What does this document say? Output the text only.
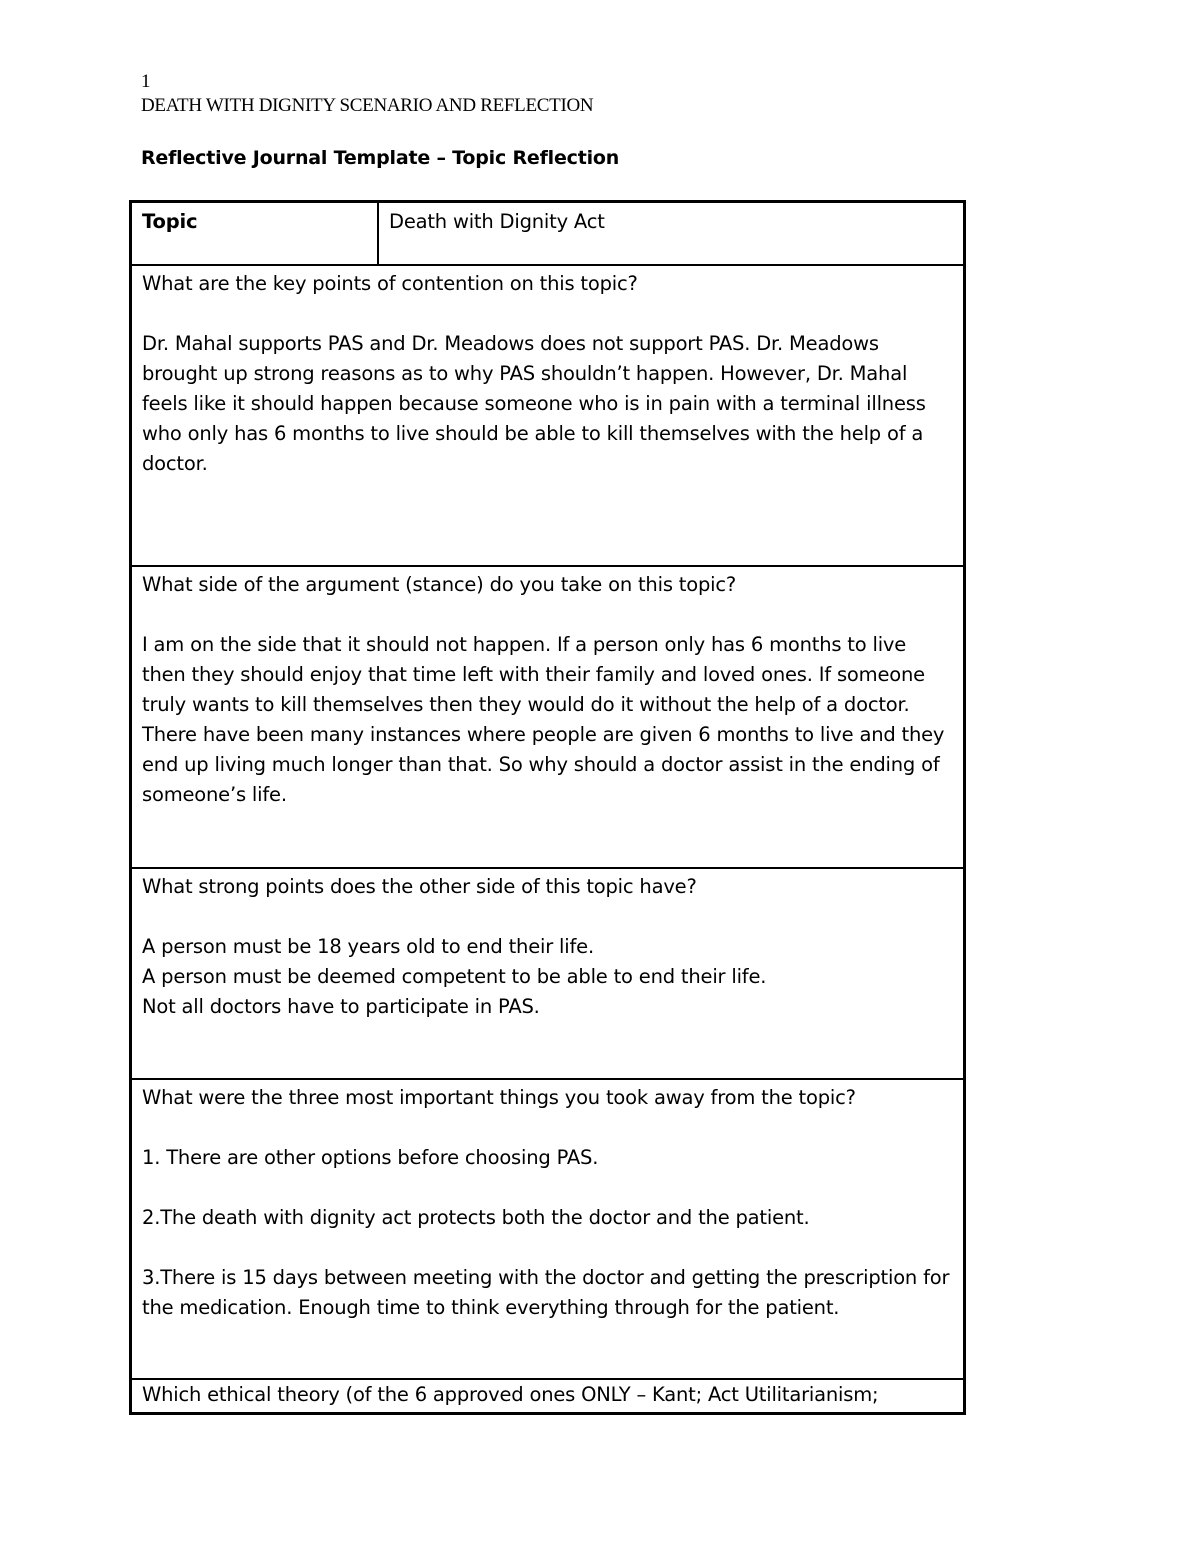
1
DEATH WITH DIGNITY SCENARIO AND REFLECTION
Reflective Journal Template – Topic Reflection
Topic	Death with Dignity Act

What are the key points of contention on this topic?

Dr. Mahal supports PAS and Dr. Meadows does not support PAS. Dr. Meadows brought up strong reasons as to why PAS shouldn’t happen. However, Dr. Mahal feels like it should happen because someone who is in pain with a terminal illness who only has 6 months to live should be able to kill themselves with the help of a doctor.

What side of the argument (stance) do you take on this topic?

I am on the side that it should not happen. If a person only has 6 months to live then they should enjoy that time left with their family and loved ones. If someone truly wants to kill themselves then they would do it without the help of a doctor. There have been many instances where people are given 6 months to live and they end up living much longer than that. So why should a doctor assist in the ending of someone’s life.

What strong points does the other side of this topic have?

A person must be 18 years old to end their life.

A person must be deemed competent to be able to end their life.

Not all doctors have to participate in PAS.

What were the three most important things you took away from the topic?

1. There are other options before choosing PAS.

2.The death with dignity act protects both the doctor and the patient.

3.There is 15 days between meeting with the doctor and getting the prescription for the medication. Enough time to think everything through for the patient.

Which ethical theory (of the 6 approved ones ONLY – Kant; Act Utilitarianism;
